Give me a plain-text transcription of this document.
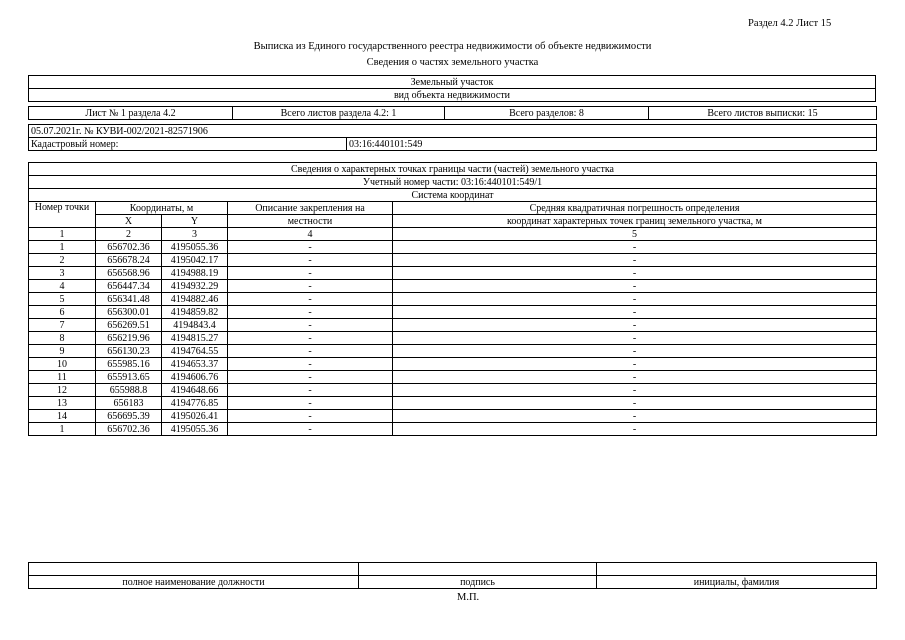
Раздел 4.2 Лист 15
Выписка из Единого государственного реестра недвижимости об объекте недвижимости
Сведения о частях земельного участка
Земельный участок
вид объекта недвижимости
Лист № 1 раздела 4.2	Всего листов раздела 4.2: 1	Всего разделов: 8	Всего листов выписки: 15
05.07.2021г. № КУВИ-002/2021-82571906
Кадастровый номер:	03:16:440101:549
Сведения о характерных точках границы части (частей) земельного участка				
Учетный номер части: 03:16:440101:549/1				
Система координат				
Номер точки	Координаты, м		Описание закрепления на	Средняя квадратичная погрешность определения
	X	Y	местности	координат характерных точек границ земельного участка, м
1	2	3	4	5
1	656702.36	4195055.36	-	-
2	656678.24	4195042.17	-	-
3	656568.96	4194988.19	-	-
4	656447.34	4194932.29	-	-
5	656341.48	4194882.46	-	-
6	656300.01	4194859.82	-	-
7	656269.51	4194843.4	-	-
8	656219.96	4194815.27	-	-
9	656130.23	4194764.55	-	-
10	655985.16	4194653.37	-	-
11	655913.65	4194606.76	-	-
12	655988.8	4194648.66	-	-
13	656183	4194776.85	-	-
14	656695.39	4195026.41	-	-
1	656702.36	4195055.36	-	-

полное наименование должности	подпись	инициалы, фамилия
М.П.
